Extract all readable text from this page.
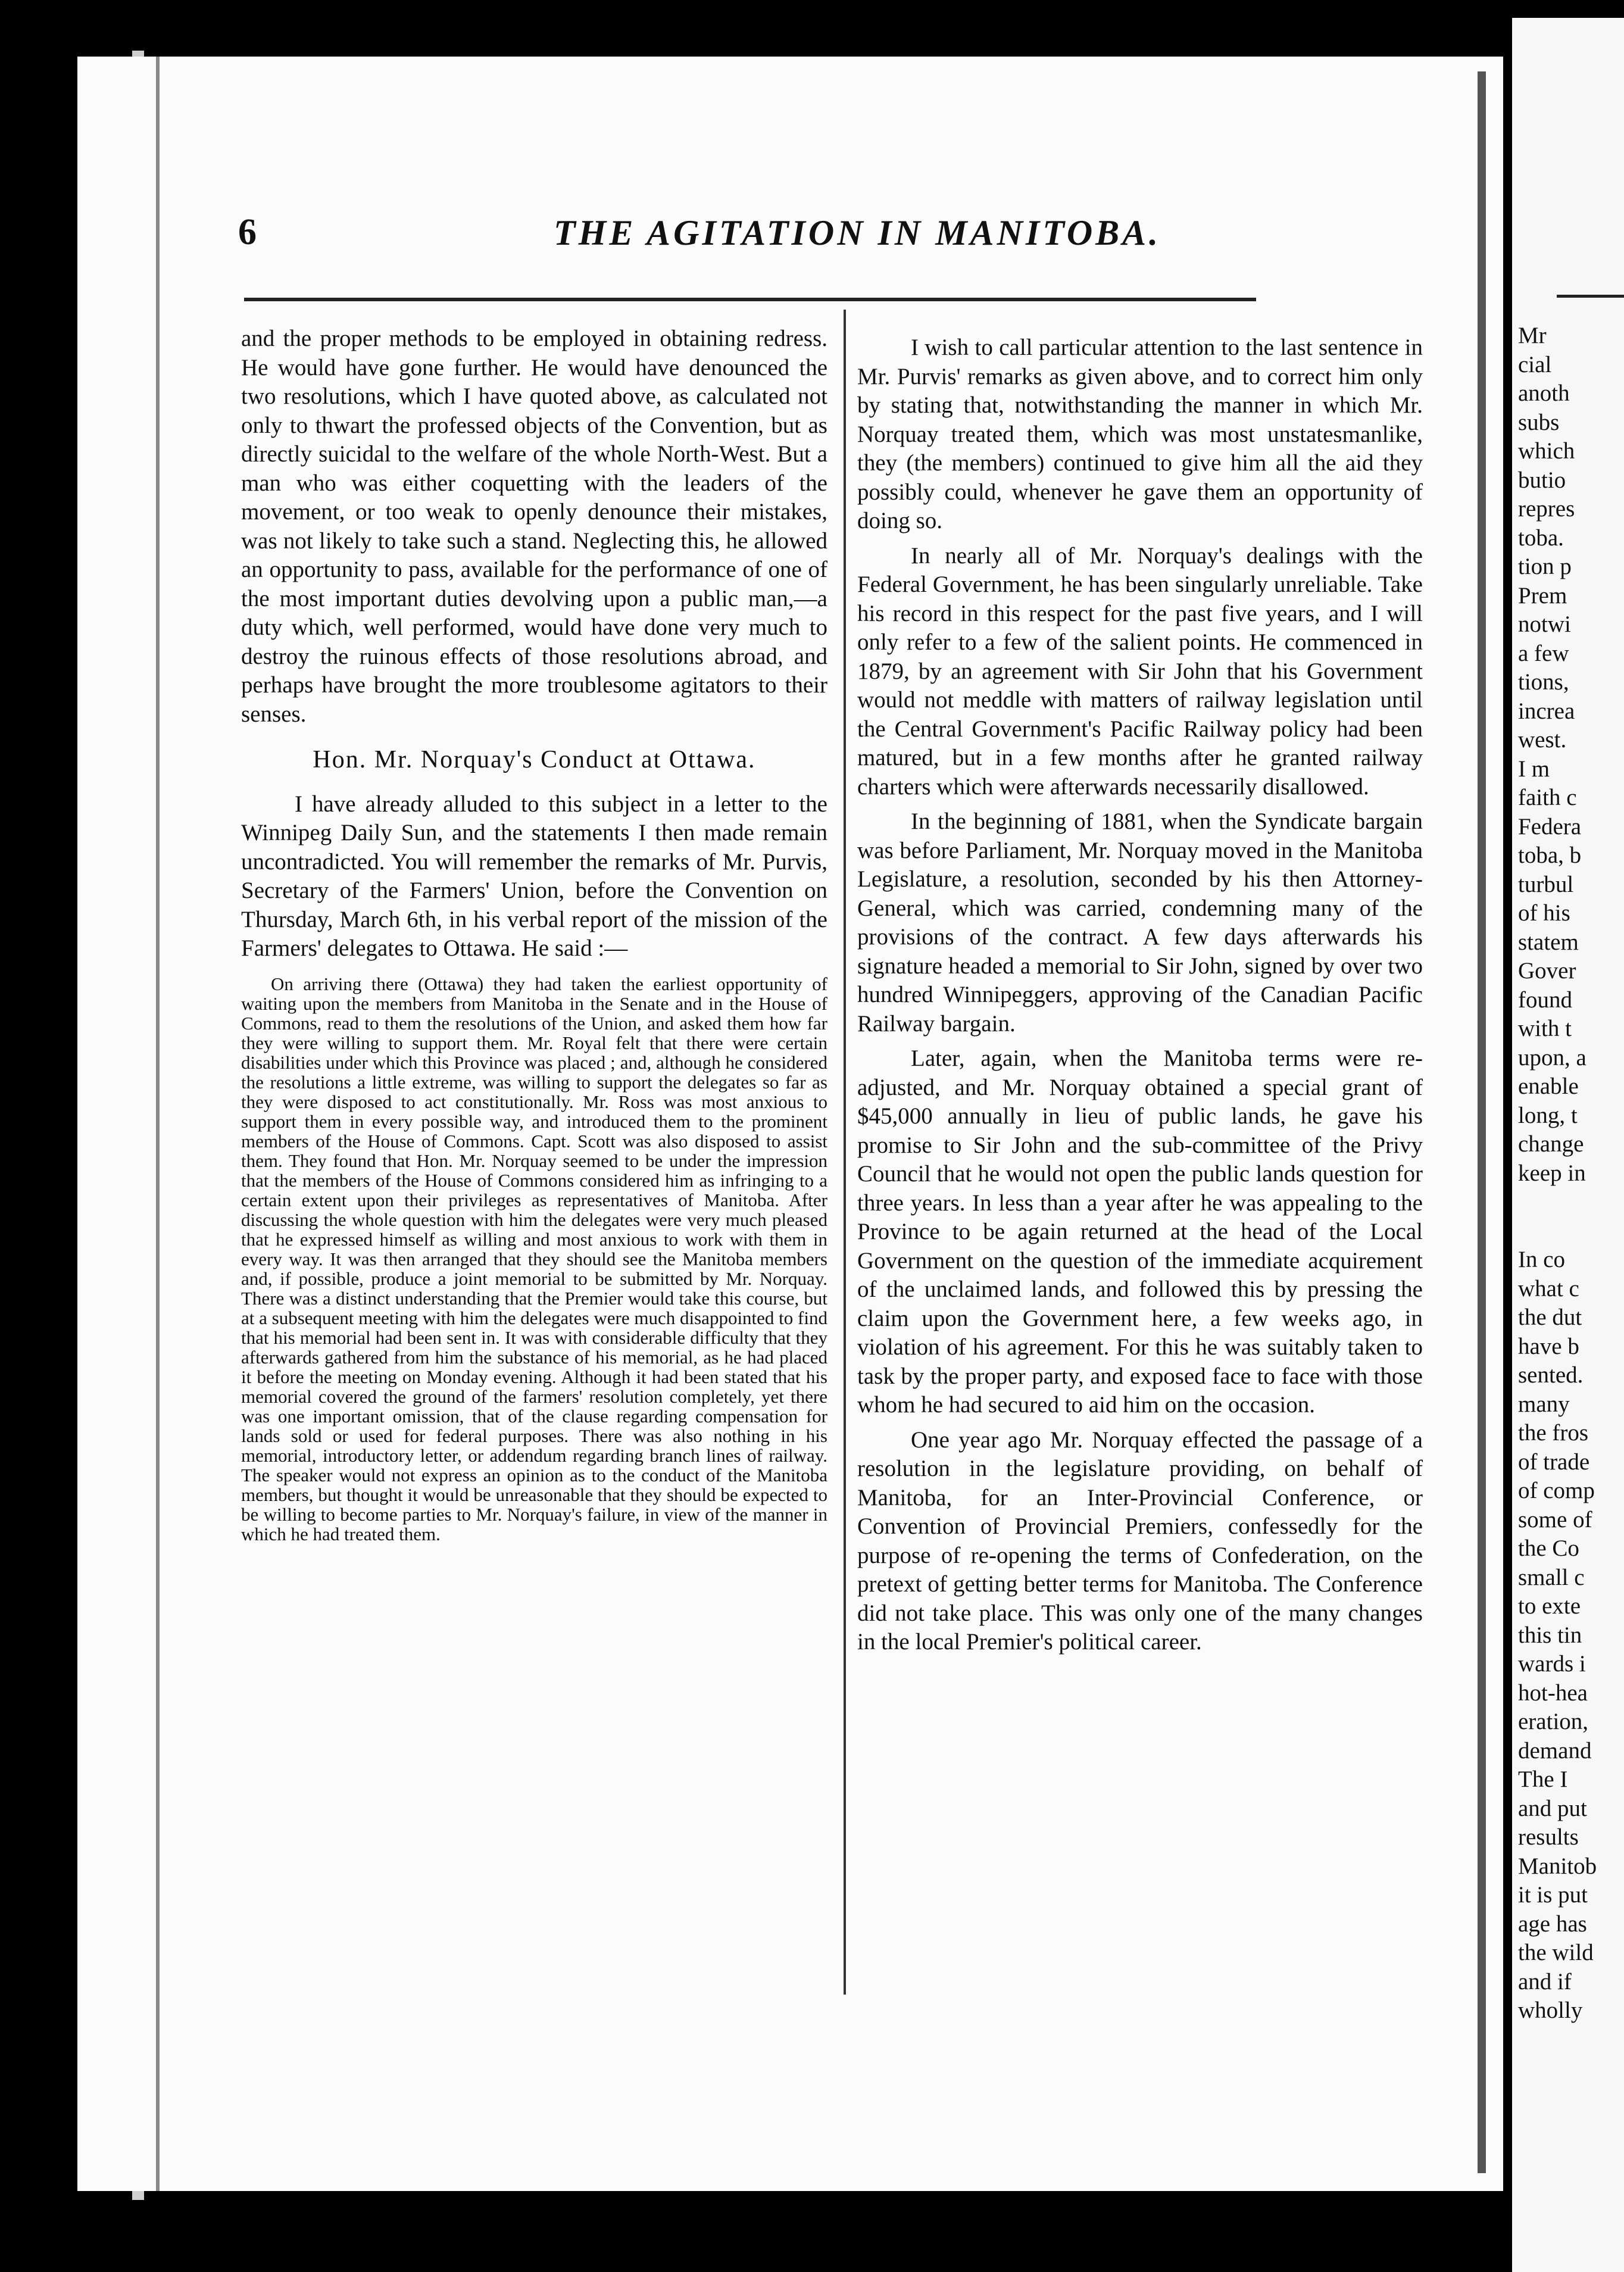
6	THE AGITATION IN MANITOBA.

and the proper methods to be employed in obtaining redress. He would have gone further. He would have denounced the two resolutions, which I have quoted above, as calculated not only to thwart the professed objects of the Convention, but as directly suicidal to the welfare of the whole North-West. But a man who was either coquetting with the leaders of the movement, or too weak to openly denounce their mistakes, was not likely to take such a stand. Neglecting this, he allowed an opportunity to pass, available for the performance of one of the most important duties devolving upon a public man,—a duty which, well performed, would have done very much to destroy the ruinous effects of those resolutions abroad, and perhaps have brought the more troublesome agitators to their senses.

Hon. Mr. Norquay's Conduct at Ottawa.

I have already alluded to this subject in a letter to the Winnipeg Daily Sun, and the statements I then made remain uncontradicted. You will remember the remarks of Mr. Purvis, Secretary of the Farmers' Union, before the Convention on Thursday, March 6th, in his verbal report of the mission of the Farmers' delegates to Ottawa. He said :—

On arriving there (Ottawa) they had taken the earliest opportunity of waiting upon the members from Manitoba in the Senate and in the House of Commons, read to them the resolutions of the Union, and asked them how far they were willing to support them. Mr. Royal felt that there were certain disabilities under which this Province was placed ; and, although he considered the resolutions a little extreme, was willing to support the delegates so far as they were disposed to act constitutionally. Mr. Ross was most anxious to support them in every possible way, and introduced them to the prominent members of the House of Commons. Capt. Scott was also disposed to assist them. They found that Hon. Mr. Norquay seemed to be under the impression that the members of the House of Commons considered him as infringing to a certain extent upon their privileges as representatives of Manitoba. After discussing the whole question with him the delegates were very much pleased that he expressed himself as willing and most anxious to work with them in every way. It was then arranged that they should see the Manitoba members and, if possible, produce a joint memorial to be submitted by Mr. Norquay. There was a distinct understanding that the Premier would take this course, but at a subsequent meeting with him the delegates were much disappointed to find that his memorial had been sent in. It was with considerable difficulty that they afterwards gathered from him the substance of his memorial, as he had placed it before the meeting on Monday evening. Although it had been stated that his memorial covered the ground of the farmers' resolution completely, yet there was one important omission, that of the clause regarding compensation for lands sold or used for federal purposes. There was also nothing in his memorial, introductory letter, or addendum regarding branch lines of railway. The speaker would not express an opinion as to the conduct of the Manitoba members, but thought it would be unreasonable that they should be expected to be willing to become parties to Mr. Norquay's failure, in view of the manner in which he had treated them.

I wish to call particular attention to the last sentence in Mr. Purvis' remarks as given above, and to correct him only by stating that, notwithstanding the manner in which Mr. Norquay treated them, which was most unstatesmanlike, they (the members) continued to give him all the aid they possibly could, whenever he gave them an opportunity of doing so.

In nearly all of Mr. Norquay's dealings with the Federal Government, he has been singularly unreliable. Take his record in this respect for the past five years, and I will only refer to a few of the salient points. He commenced in 1879, by an agreement with Sir John that his Government would not meddle with matters of railway legislation until the Central Government's Pacific Railway policy had been matured, but in a few months after he granted railway charters which were afterwards necessarily disallowed.

In the beginning of 1881, when the Syndicate bargain was before Parliament, Mr. Norquay moved in the Manitoba Legislature, a resolution, seconded by his then Attorney-General, which was carried, condemning many of the provisions of the contract. A few days afterwards his signature headed a memorial to Sir John, signed by over two hundred Winnipeggers, approving of the Canadian Pacific Railway bargain.

Later, again, when the Manitoba terms were re-adjusted, and Mr. Norquay obtained a special grant of $45,000 annually in lieu of public lands, he gave his promise to Sir John and the sub-committee of the Privy Council that he would not open the public lands question for three years. In less than a year after he was appealing to the Province to be again returned at the head of the Local Government on the question of the immediate acquirement of the unclaimed lands, and followed this by pressing the claim upon the Government here, a few weeks ago, in violation of his agreement. For this he was suitably taken to task by the proper party, and exposed face to face with those whom he had secured to aid him on the occasion.

One year ago Mr. Norquay effected the passage of a resolution in the legislature providing, on behalf of Manitoba, for an Inter-Provincial Conference, or Convention of Provincial Premiers, confessedly for the purpose of re-opening the terms of Confederation, on the pretext of getting better terms for Manitoba. The Conference did not take place. This was only one of the many changes in the local Premier's political career.

Mr
cial
anoth
subs
which
butio
repres
toba.
tion p
Prem
notwi
a few
tions,
increa
west.
I m
faith c
Federa
toba, b
turbul
of his
statem
Gover
found
with t
upon, a
enable
long, t
change
keep in

In co
what c
the dut
have b
sented.
many
the fros
of trade
of comp
some of
the Co
small c
to exte
this tin
wards i
hot-hea
eration,
demand
The I
and put
results
Manitob
it is put
age has
the wild
and if
wholly
